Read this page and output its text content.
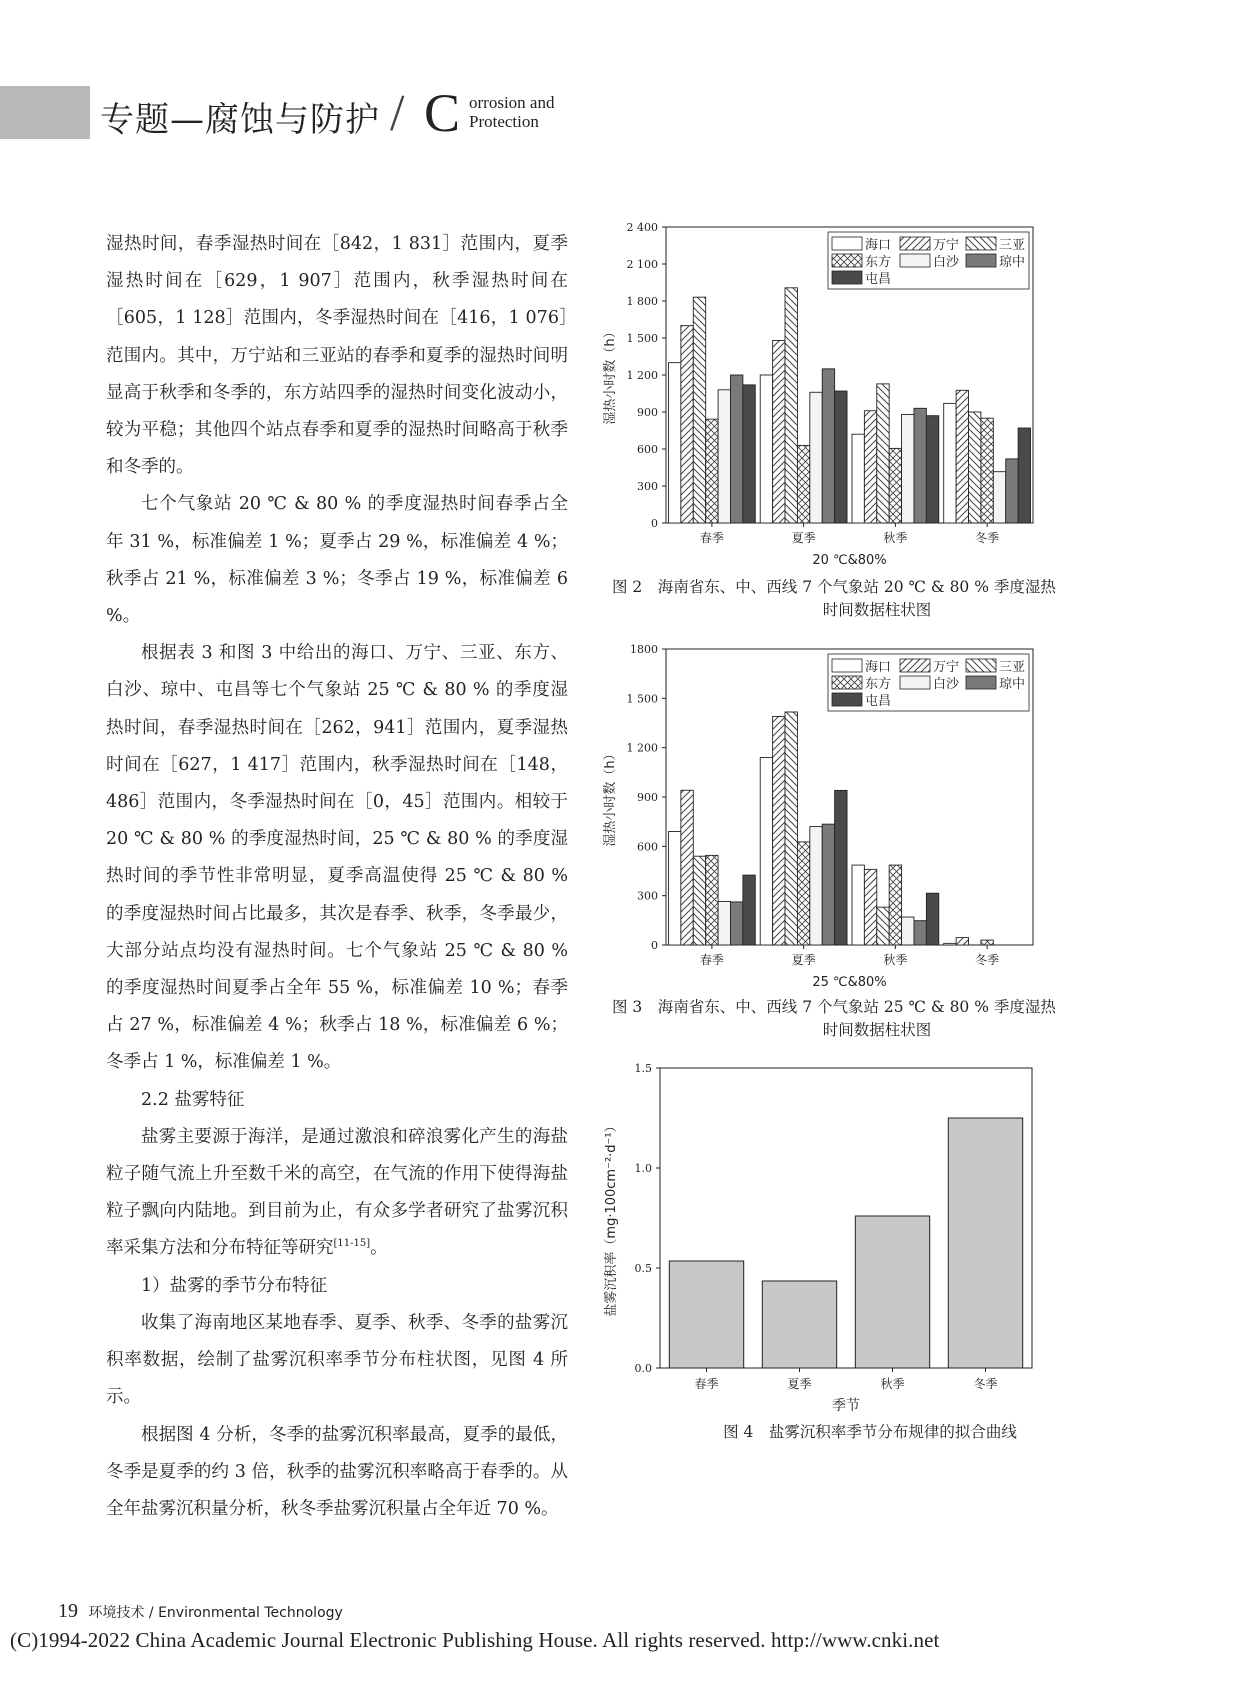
专题—腐蚀与防护 / C orrosion and
Protection

湿热时间，春季湿热时间在［842，1 831］范围内，夏季湿热时间在［629，1 907］范围内，秋季湿热时间在［605，1 128］范围内，冬季湿热时间在［416，1 076］范围内。其中，万宁站和三亚站的春季和夏季的湿热时间明显高于秋季和冬季的，东方站四季的湿热时间变化波动小，较为平稳；其他四个站点春季和夏季的湿热时间略高于秋季和冬季的。

七个气象站 20 ℃ & 80 % 的季度湿热时间春季占全年 31 %，标准偏差 1 %；夏季占 29 %，标准偏差 4 %；秋季占 21 %，标准偏差 3 %；冬季占 19 %，标准偏差 6 %。

根据表 3 和图 3 中给出的海口、万宁、三亚、东方、白沙、琼中、屯昌等七个气象站 25 ℃ & 80 % 的季度湿热时间，春季湿热时间在［262，941］范围内，夏季湿热时间在［627，1 417］范围内，秋季湿热时间在［148，486］范围内，冬季湿热时间在［0，45］范围内。相较于 20 ℃ & 80 % 的季度湿热时间，25 ℃ & 80 % 的季度湿热时间的季节性非常明显，夏季高温使得 25 ℃ & 80 % 的季度湿热时间占比最多，其次是春季、秋季，冬季最少，大部分站点均没有湿热时间。七个气象站 25 ℃ & 80 % 的季度湿热时间夏季占全年 55 %，标准偏差 10 %；春季占 27 %，标准偏差 4 %；秋季占 18 %，标准偏差 6 %；冬季占 1 %，标准偏差 1 %。

2.2 盐雾特征

盐雾主要源于海洋，是通过激浪和碎浪雾化产生的海盐粒子随气流上升至数千米的高空，在气流的作用下使得海盐粒子飘向内陆地。到目前为止，有众多学者研究了盐雾沉积率采集方法和分布特征等研究[11-15]。

1）盐雾的季节分布特征

收集了海南地区某地春季、夏季、秋季、冬季的盐雾沉积率数据，绘制了盐雾沉积率季节分布柱状图，见图 4 所示。

根据图 4 分析，冬季的盐雾沉积率最高，夏季的最低，冬季是夏季的约 3 倍，秋季的盐雾沉积率略高于春季的。从全年盐雾沉积量分析，秋冬季盐雾沉积量占全年近 70 %。

0
300
600
900
1 200
1 500
1 800
2 100
2 400
春季	夏季	秋季	冬季
20 ℃&80%
湿热小时数（h）
海口	万宁	三亚
东方	白沙	琼中
屯昌
图 2　海南省东、中、西线 7 个气象站 20 ℃ & 80 % 季度湿热
时间数据柱状图
0
300
600
900
1 200
1 500
1800
春季	夏季	秋季	冬季
25 ℃&80%
湿热小时数（h）
海口	万宁	三亚
东方	白沙	琼中
屯昌
图 3　海南省东、中、西线 7 个气象站 25 ℃ & 80 % 季度湿热
时间数据柱状图
0.0
0.5
1.0
1.5
春季	夏季	秋季	冬季
季节
盐雾沉积率（mg·100cm⁻²·d⁻¹）
图 4　盐雾沉积率季节分布规律的拟合曲线
19 环境技术 / Environmental Technology
(C)1994-2022 China Academic Journal Electronic Publishing House. All rights reserved. http://www.cnki.net
